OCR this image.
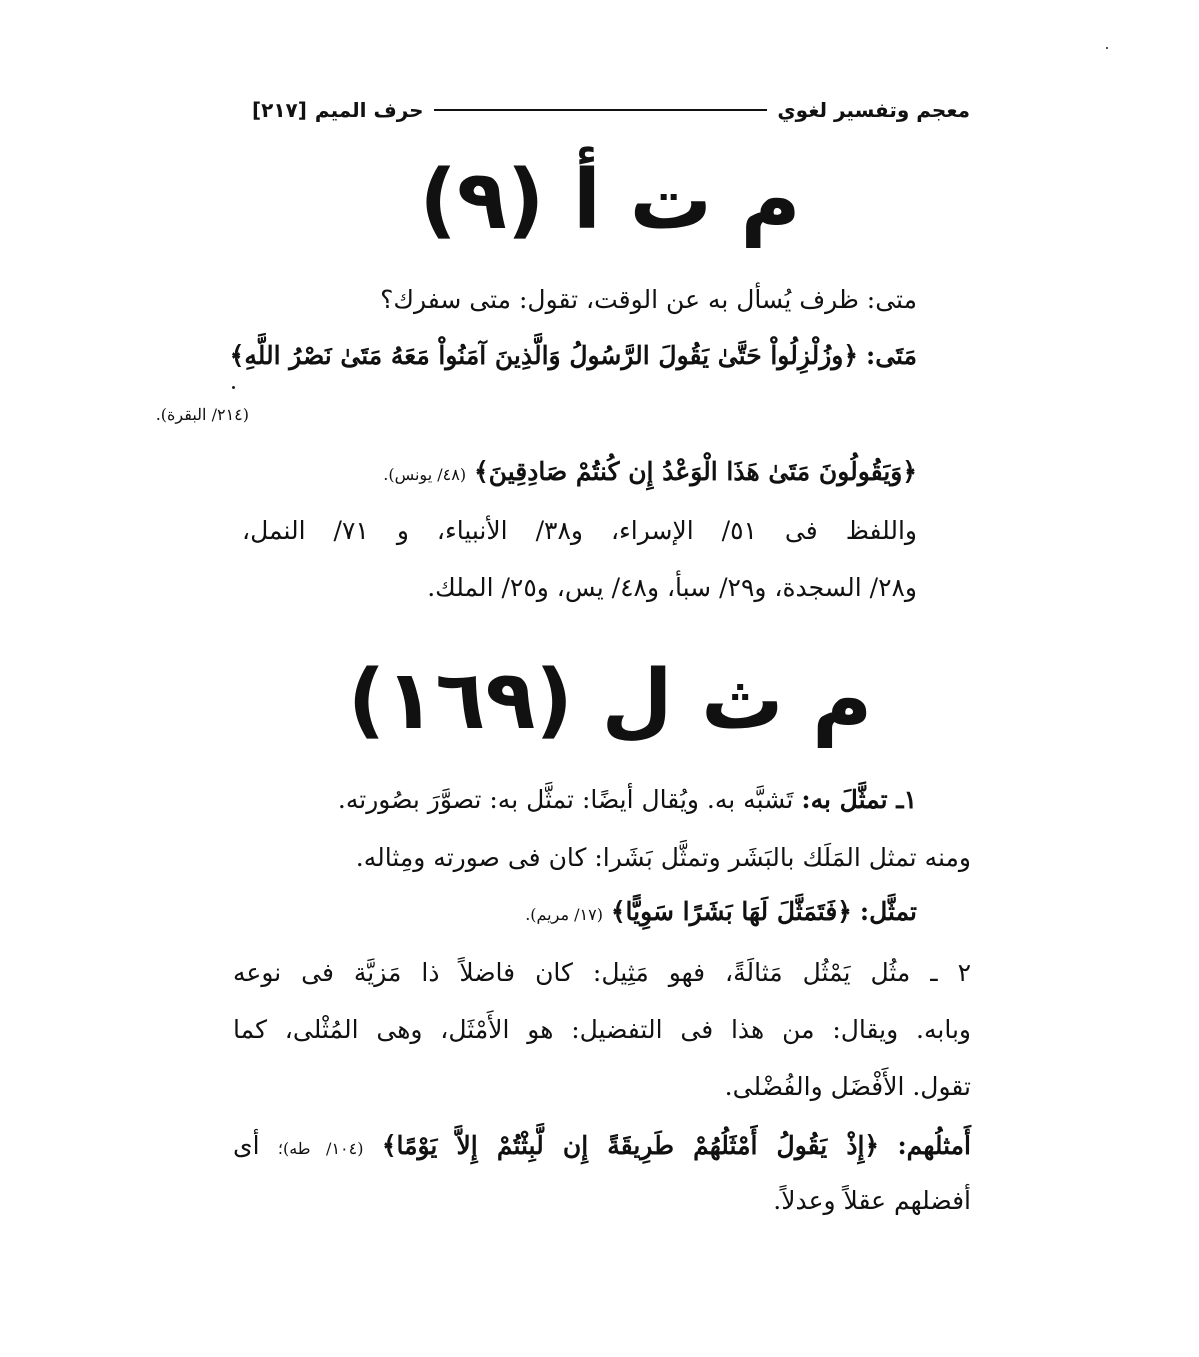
معجم وتفسير لغوي
حرف الميم
[٢١٧]
م ت أ (٩)
متى: ظرف يُسأل به عن الوقت، تقول: متى سفرك؟
مَتَى: ﴿وزُلْزِلُواْ حَتَّىٰ يَقُولَ الرَّسُولُ وَالَّذِينَ آمَنُواْ مَعَهُ مَتَىٰ نَصْرُ اللَّهِ﴾
(٢١٤/ البقرة).
﴿وَيَقُولُونَ مَتَىٰ هَذَا الْوَعْدُ إِن كُنتُمْ صَادِقِينَ﴾ (٤٨/ يونس).
واللفظ فى ٥١/ الإسراء، و٣٨/ الأنبياء، و ٧١/ النمل،
و٢٨/ السجدة، و٢٩/ سبأ، و٤٨/ يس، و٢٥/ الملك.
م ث ل (١٦٩)
١ـ تمثَّلَ به: تَشبَّه به. ويُقال أيضًا: تمثَّل به: تصوَّرَ بصُورته.
ومنه تمثل المَلَك بالبَشَر وتمثَّل بَشَرا: كان فى صورته ومِثاله.
تمثَّل: ﴿فَتَمَثَّلَ لَهَا بَشَرًا سَوِيًّا﴾ (١٧/ مريم).
٢ ـ مثُل يَمْثُل مَثالَةً، فهو مَثِيل: كان فاضلاً ذا مَزيَّة فى نوعه
وبابه. ويقال: من هذا فى التفضيل: هو الأَمْثَل، وهى المُثْلى، كما
تقول. الأَفْضَل والفُضْلى.
أَمثلُهم: ﴿إِذْ يَقُولُ أَمْثَلُهُمْ طَرِيقَةً إِن لَّبِثْتُمْ إِلاَّ يَوْمًا﴾ (١٠٤/ طه)؛ أى
أفضلهم عقلاً وعدلاً.
